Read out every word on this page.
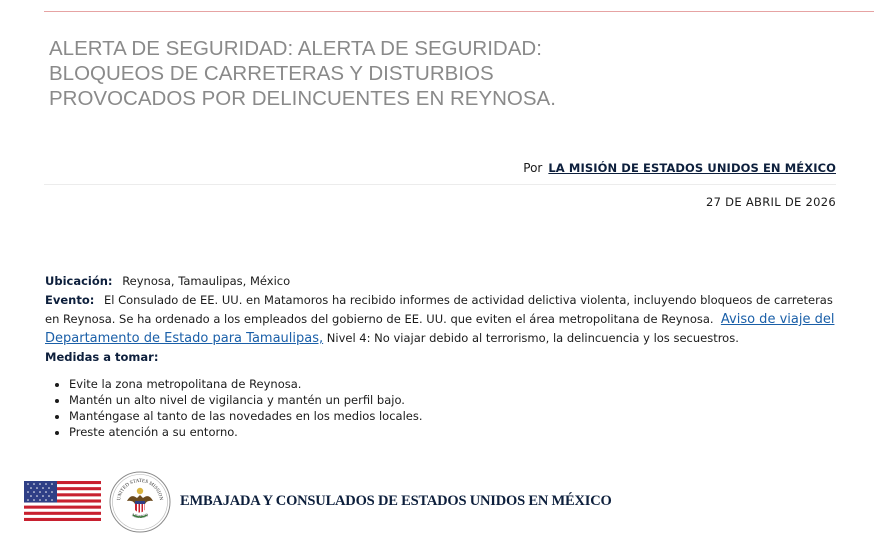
ALERTA DE SEGURIDAD: ALERTA DE SEGURIDAD: BLOQUEOS DE CARRETERAS Y DISTURBIOS PROVOCADOS POR DELINCUENTES EN REYNOSA.
Por LA MISIÓN DE ESTADOS UNIDOS EN MÉXICO
27 DE ABRIL DE 2026

Ubicación: Reynosa, Tamaulipas, México

Evento: El Consulado de EE. UU. en Matamoros ha recibido informes de actividad delictiva violenta, incluyendo bloqueos de carreteras en Reynosa. Se ha ordenado a los empleados del gobierno de EE. UU. que eviten el área metropolitana de Reynosa. Aviso de viaje del Departamento de Estado para Tamaulipas, Nivel 4: No viajar debido al terrorismo, la delincuencia y los secuestros.

Medidas a tomar:

• Evite la zona metropolitana de Reynosa.
• Mantén un alto nivel de vigilancia y mantén un perfil bajo.
• Manténgase al tanto de las novedades en los medios locales.
• Preste atención a su entorno.
UNITED STATES MISSION
MEXICO
EMBAJADA Y CONSULADOS DE ESTADOS UNIDOS EN MÉXICO
